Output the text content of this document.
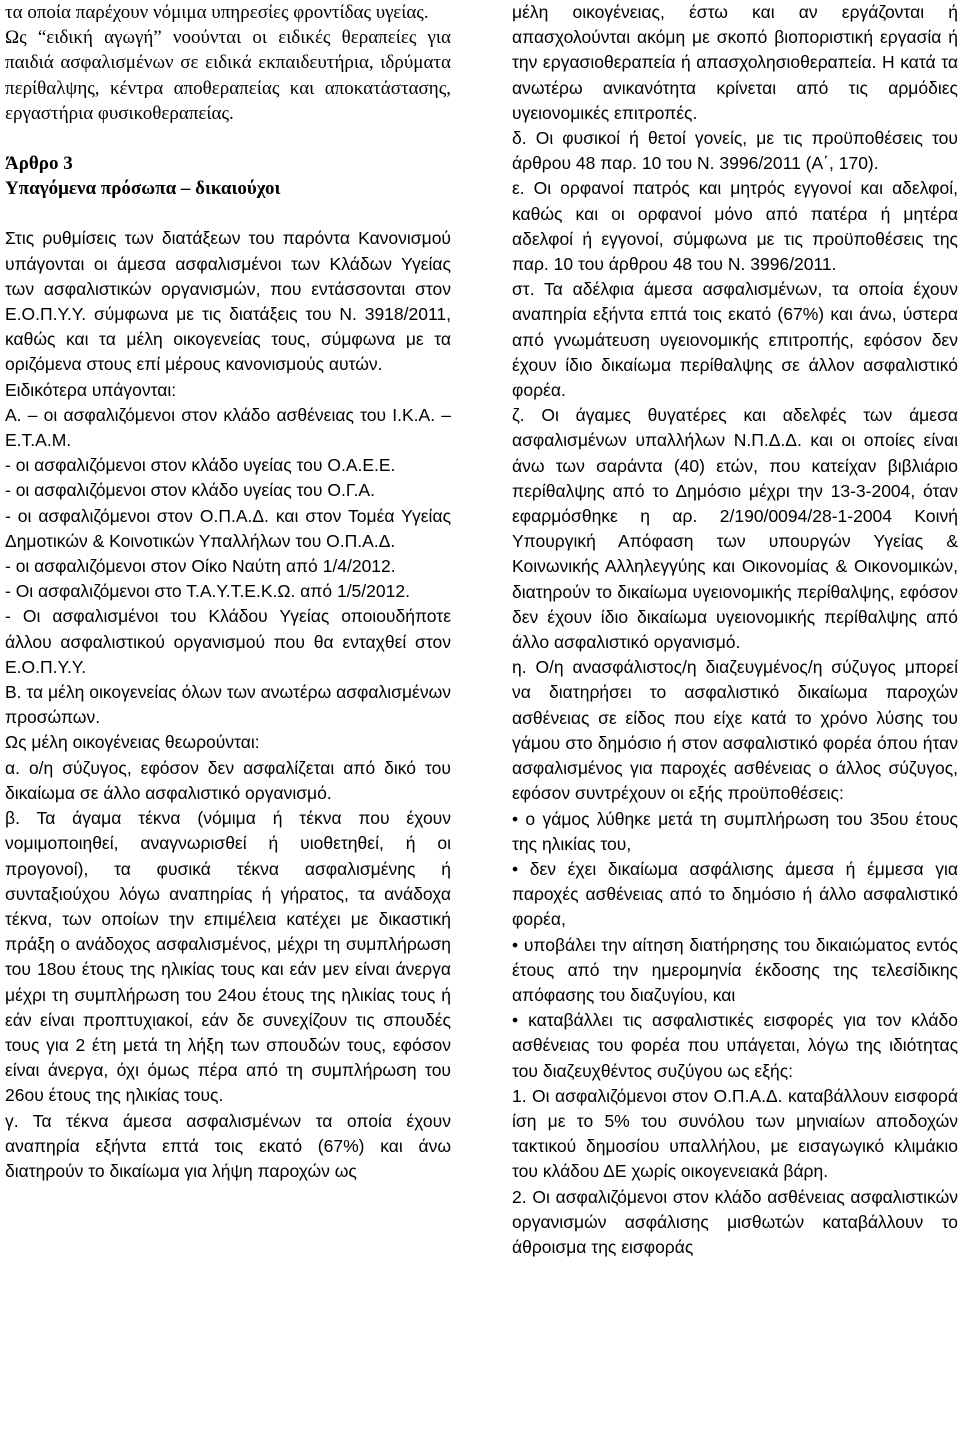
τα οποία παρέχουν νόμιμα υπηρεσίες φροντίδας υγείας.

Ως “ειδική αγωγή” νοούνται οι ειδικές θεραπείες για παιδιά ασφαλισμένων σε ειδικά εκπαιδευτήρια, ιδρύματα περίθαλψης, κέντρα αποθεραπείας και αποκατάστασης, εργαστήρια φυσικοθεραπείας.

Άρθρο 3

Υπαγόμενα πρόσωπα – δικαιούχοι

Στις ρυθμίσεις των διατάξεων του παρόντα Κανονισμού υπάγονται οι άμεσα ασφαλισμένοι των Κλάδων Υγείας των ασφαλιστικών οργανισμών, που εντάσσονται στον Ε.Ο.Π.Υ.Υ. σύμφωνα με τις διατάξεις του Ν. 3918/2011, καθώς και τα μέλη οικογενείας τους, σύμφωνα με τα οριζόμενα στους επί μέρους κανονισμούς αυτών.

Ειδικότερα υπάγονται:

Α. – οι ασφαλιζόμενοι στον κλάδο ασθένειας του Ι.Κ.Α. – Ε.Τ.Α.Μ.

- οι ασφαλιζόμενοι στον κλάδο υγείας του Ο.Α.Ε.Ε.

- οι ασφαλιζόμενοι στον κλάδο υγείας του Ο.Γ.Α.

- οι ασφαλιζόμενοι στον Ο.Π.Α.Δ. και στον Τομέα Υγείας Δημοτικών & Κοινοτικών Υπαλλήλων του Ο.Π.Α.Δ.

- οι ασφαλιζόμενοι στον Οίκο Ναύτη από 1/4/2012.

- Οι ασφαλιζόμενοι στο Τ.Α.Υ.Τ.Ε.Κ.Ω. από 1/5/2012.

- Οι ασφαλισμένοι του Κλάδου Υγείας οποιουδήποτε άλλου ασφαλιστικού οργανισμού που θα ενταχθεί στον Ε.Ο.Π.Υ.Υ.

Β. τα μέλη οικογενείας όλων των ανωτέρω ασφαλισμένων προσώπων.

Ως μέλη οικογένειας θεωρούνται:

α. ο/η σύζυγος, εφόσον δεν ασφαλίζεται από δικό του δικαίωμα σε άλλο ασφαλιστικό οργανισμό.

β. Τα άγαμα τέκνα (νόμιμα ή τέκνα που έχουν νομιμοποιηθεί, αναγνωρισθεί ή υιοθετηθεί, ή οι προγονοί), τα φυσικά τέκνα ασφαλισμένης ή συνταξιούχου λόγω αναπηρίας ή γήρατος, τα ανάδοχα τέκνα, των οποίων την επιμέλεια κατέχει με δικαστική πράξη ο ανάδοχος ασφαλισμένος, μέχρι τη συμπλήρωση του 18ου έτους της ηλικίας τους και εάν μεν είναι άνεργα μέχρι τη συμπλήρωση του 24ου έτους της ηλικίας τους ή εάν είναι προπτυχιακοί, εάν δε συνεχίζουν τις σπουδές τους για 2 έτη μετά τη λήξη των σπουδών τους, εφόσον είναι άνεργα, όχι όμως πέρα από τη συμπλήρωση του 26ου έτους της ηλικίας τους.

γ. Τα τέκνα άμεσα ασφαλισμένων τα οποία έχουν αναπηρία εξήντα επτά τοις εκατό (67%) και άνω διατηρούν το δικαίωμα για λήψη παροχών ως

μέλη οικογένειας, έστω και αν εργάζονται ή απασχολούνται ακόμη με σκοπό βιοποριστική εργασία ή την εργασιοθεραπεία ή απασχολησιοθεραπεία. Η κατά τα ανωτέρω ανικανότητα κρίνεται από τις αρμόδιες υγειονομικές επιτροπές.

δ. Οι φυσικοί ή θετοί γονείς, με τις προϋποθέσεις του άρθρου 48 παρ. 10 του Ν. 3996/2011 (Α΄, 170).

ε. Οι ορφανοί πατρός και μητρός εγγονοί και αδελφοί, καθώς και οι ορφανοί μόνο από πατέρα ή μητέρα αδελφοί ή εγγονοί, σύμφωνα με τις προϋποθέσεις της παρ. 10 του άρθρου 48 του Ν. 3996/2011.

στ. Τα αδέλφια άμεσα ασφαλισμένων, τα οποία έχουν αναπηρία εξήντα επτά τοις εκατό (67%) και άνω, ύστερα από γνωμάτευση υγειονομικής επιτροπής, εφόσον δεν έχουν ίδιο δικαίωμα περίθαλψης σε άλλον ασφαλιστικό φορέα.

ζ. Οι άγαμες θυγατέρες και αδελφές των άμεσα ασφαλισμένων υπαλλήλων Ν.Π.Δ.Δ. και οι οποίες είναι άνω των σαράντα (40) ετών, που κατείχαν βιβλιάριο περίθαλψης από το Δημόσιο μέχρι την 13-3-2004, όταν εφαρμόσθηκε η αρ. 2/190/0094/28-1-2004 Κοινή Υπουργική Απόφαση των υπουργών Υγείας & Κοινωνικής Αλληλεγγύης και Οικονομίας & Οικονομικών, διατηρούν το δικαίωμα υγειονομικής περίθαλψης, εφόσον δεν έχουν ίδιο δικαίωμα υγειονομικής περίθαλψης από άλλο ασφαλιστικό οργανισμό.

η. Ο/η ανασφάλιστος/η διαζευγμένος/η σύζυγος μπορεί να διατηρήσει το ασφαλιστικό δικαίωμα παροχών ασθένειας σε είδος που είχε κατά το χρόνο λύσης του γάμου στο δημόσιο ή στον ασφαλιστικό φορέα όπου ήταν ασφαλισμένος για παροχές ασθένειας ο άλλος σύζυγος, εφόσον συντρέχουν οι εξής προϋποθέσεις:

• ο γάμος λύθηκε μετά τη συμπλήρωση του 35ου έτους της ηλικίας του,

• δεν έχει δικαίωμα ασφάλισης άμεσα ή έμμεσα για παροχές ασθένειας από το δημόσιο ή άλλο ασφαλιστικό φορέα,

• υποβάλει την αίτηση διατήρησης του δικαιώματος εντός έτους από την ημερομηνία έκδοσης της τελεσίδικης απόφασης του διαζυγίου, και

• καταβάλλει τις ασφαλιστικές εισφορές για τον κλάδο ασθένειας του φορέα που υπάγεται, λόγω της ιδιότητας του διαζευχθέντος συζύγου ως εξής:

1. Οι ασφαλιζόμενοι στον Ο.Π.Α.Δ. καταβάλλουν εισφορά ίση με το 5% του συνόλου των μηνιαίων αποδοχών τακτικού δημοσίου υπαλλήλου, με εισαγωγικό κλιμάκιο του κλάδου ΔΕ χωρίς οικογενειακά βάρη.

2. Οι ασφαλιζόμενοι στον κλάδο ασθένειας ασφαλιστικών οργανισμών ασφάλισης μισθωτών καταβάλλουν το άθροισμα της εισφοράς
